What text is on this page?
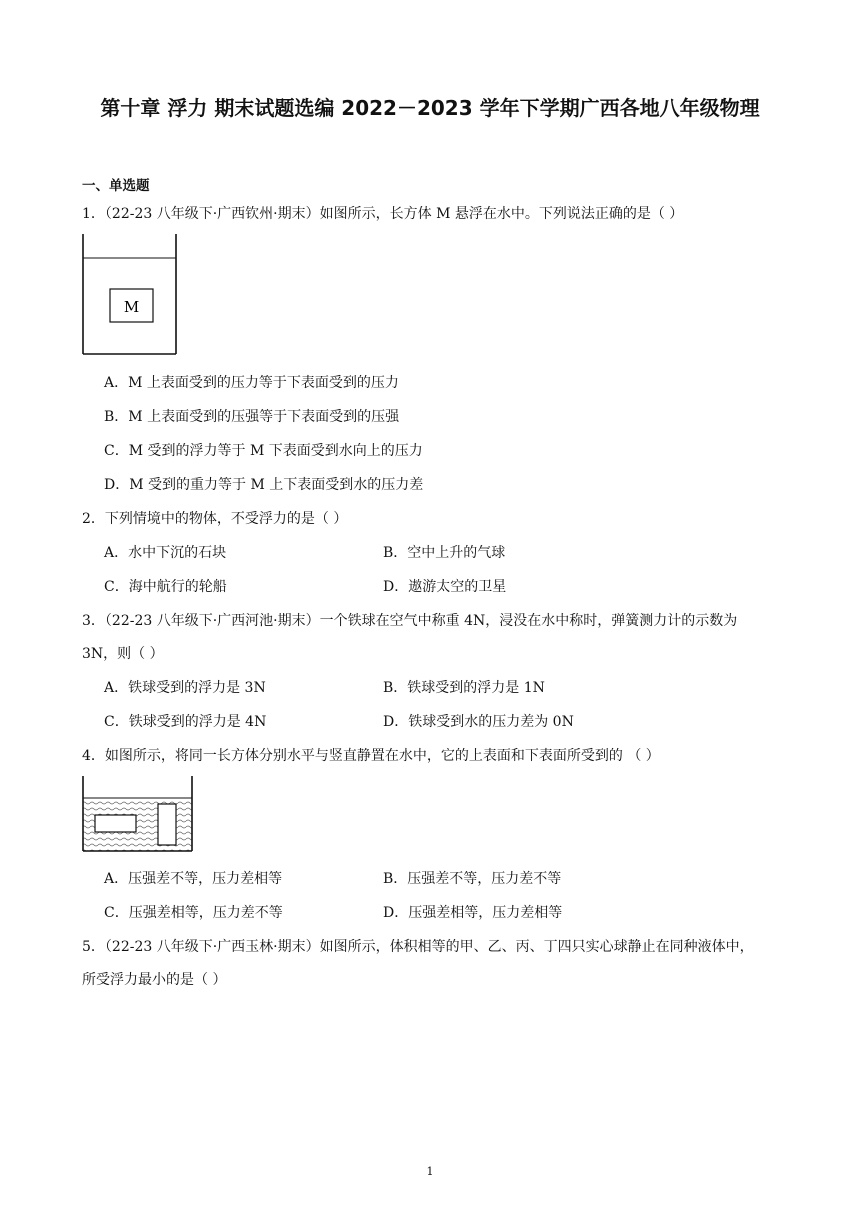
第十章 浮力 期末试题选编 2022－2023 学年下学期广西各地八年级物理
一、单选题
1．（22-23 八年级下·广西钦州·期末）如图所示，长方体 M 悬浮在水中。下列说法正确的是（ ）
M
A．M 上表面受到的压力等于下表面受到的压力
B．M 上表面受到的压强等于下表面受到的压强
C．M 受到的浮力等于 M 下表面受到水向上的压力
D．M 受到的重力等于 M 上下表面受到水的压力差
2．下列情境中的物体，不受浮力的是（ ）
A．水中下沉的石块	B．空中上升的气球
C．海中航行的轮船	D．遨游太空的卫星
3．（22-23 八年级下·广西河池·期末）一个铁球在空气中称重 4N，浸没在水中称时，弹簧测力计的示数为
3N，则（ ）
A．铁球受到的浮力是 3N	B．铁球受到的浮力是 1N
C．铁球受到的浮力是 4N	D．铁球受到水的压力差为 0N
4．如图所示，将同一长方体分别水平与竖直静置在水中，它的上表面和下表面所受到的 （ ）
A．压强差不等，压力差相等	B．压强差不等，压力差不等
C．压强差相等，压力差不等	D．压强差相等，压力差相等
5．（22-23 八年级下·广西玉林·期末）如图所示，体积相等的甲、乙、丙、丁四只实心球静止在同种液体中，
所受浮力最小的是（ ）
1
